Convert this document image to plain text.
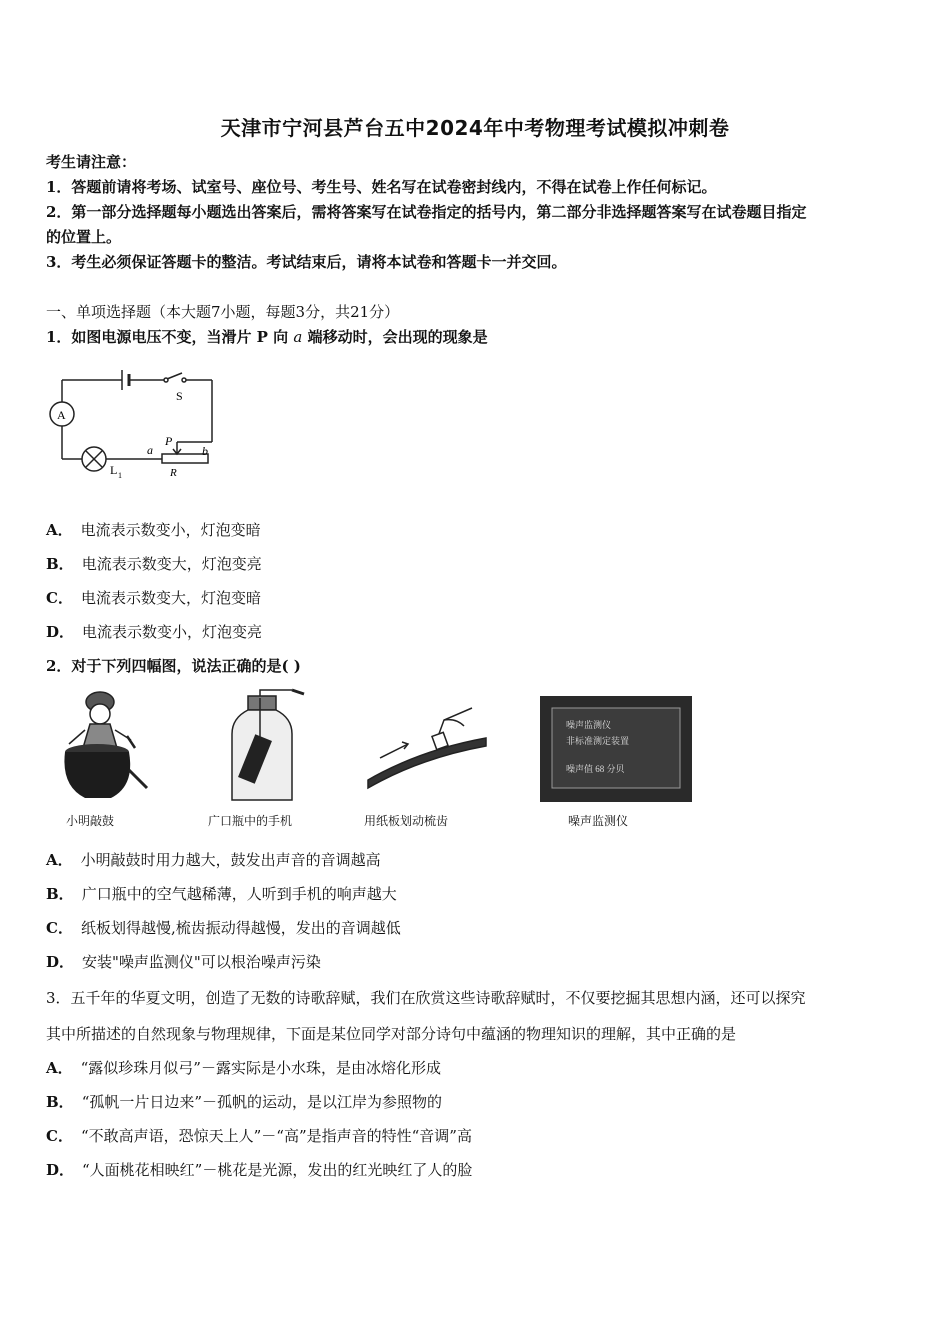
天津市宁河县芦台五中2024年中考物理考试模拟冲刺卷
考生请注意：
1．答题前请将考场、试室号、座位号、考生号、姓名写在试卷密封线内，不得在试卷上作任何标记。
2．第一部分选择题每小题选出答案后，需将答案写在试卷指定的括号内，第二部分非选择题答案写在试卷题目指定
的位置上。
3．考生必须保证答题卡的整洁。考试结束后，请将本试卷和答题卡一并交回。
一、单项选择题（本大题7小题，每题3分，共21分）
1．如图电源电压不变，当滑片 P 向 a 端移动时，会出现的现象是
S
A
L 1
a	b
P
R
A． 电流表示数变小，灯泡变暗
B． 电流表示数变大，灯泡变亮
C． 电流表示数变大，灯泡变暗
D． 电流表示数变小，灯泡变亮
2．对于下列四幅图，说法正确的是( )
小明敲鼓	广口瓶中的手机	用纸板划动梳齿
噪声监测仪
非标准测定装置
噪声值 68 分贝
噪声监测仪
A． 小明敲鼓时用力越大，鼓发出声音的音调越高
B． 广口瓶中的空气越稀薄，人听到手机的响声越大
C． 纸板划得越慢,梳齿振动得越慢，发出的音调越低
D． 安装"噪声监测仪"可以根治噪声污染
3．五千年的华夏文明，创造了无数的诗歌辞赋，我们在欣赏这些诗歌辞赋时，不仅要挖掘其思想内涵，还可以探究
其中所描述的自然现象与物理规律，下面是某位同学对部分诗句中蕴涵的物理知识的理解，其中正确的是
A． “露似珍珠月似弓”－露实际是小水珠，是由冰熔化形成
B． “孤帆一片日边来”－孤帆的运动，是以江岸为参照物的
C． “不敢高声语，恐惊天上人”－“高”是指声音的特性“音调”高
D． “人面桃花相映红”－桃花是光源，发出的红光映红了人的脸
